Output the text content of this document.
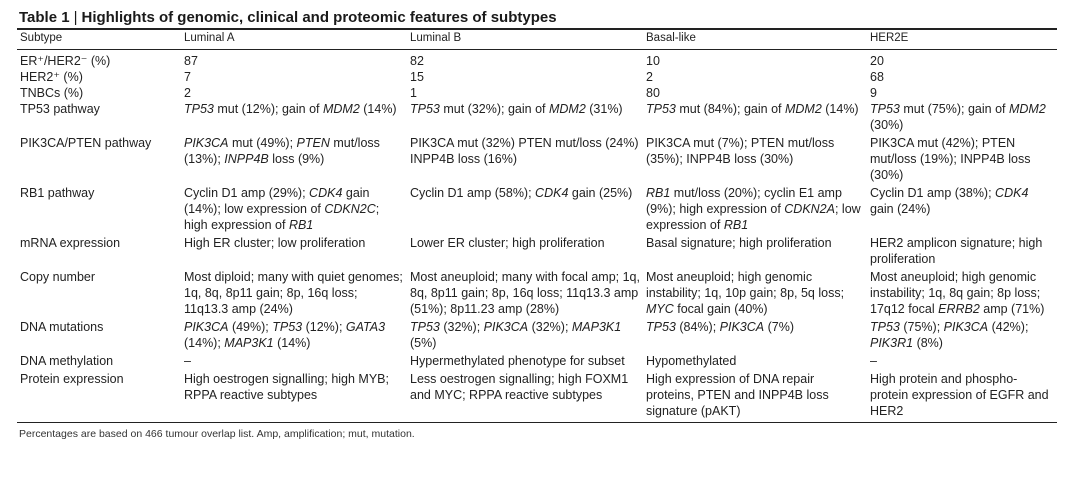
Table 1 | Highlights of genomic, clinical and proteomic features of subtypes
Subtype	Luminal A	Luminal B	Basal-like	HER2E
ER⁺/HER2⁻ (%)	87	82	10	20
HER2⁺ (%)	7	15	2	68
TNBCs (%)	2	1	80	9
TP53 pathway	TP53 mut (12%); gain of MDM2 (14%)	TP53 mut (32%); gain of MDM2 (31%)	TP53 mut (84%); gain of MDM2 (14%)	TP53 mut (75%); gain of MDM2 (30%)
PIK3CA/PTEN pathway	PIK3CA mut (49%); PTEN mut/loss (13%); INPP4B loss (9%)	PIK3CA mut (32%) PTEN mut/loss (24%) INPP4B loss (16%)	PIK3CA mut (7%); PTEN mut/loss (35%); INPP4B loss (30%)	PIK3CA mut (42%); PTEN mut/loss (19%); INPP4B loss (30%)
RB1 pathway	Cyclin D1 amp (29%); CDK4 gain (14%); low expression of CDKN2C; high expression of RB1	Cyclin D1 amp (58%); CDK4 gain (25%)	RB1 mut/loss (20%); cyclin E1 amp (9%); high expression of CDKN2A; low expression of RB1	Cyclin D1 amp (38%); CDK4 gain (24%)
mRNA expression	High ER cluster; low proliferation	Lower ER cluster; high proliferation	Basal signature; high proliferation	HER2 amplicon signature; high proliferation
Copy number	Most diploid; many with quiet genomes; 1q, 8q, 8p11 gain; 8p, 16q loss; 11q13.3 amp (24%)	Most aneuploid; many with focal amp; 1q, 8q, 8p11 gain; 8p, 16q loss; 11q13.3 amp (51%); 8p11.23 amp (28%)	Most aneuploid; high genomic instability; 1q, 10p gain; 8p, 5q loss; MYC focal gain (40%)	Most aneuploid; high genomic instability; 1q, 8q gain; 8p loss; 17q12 focal ERRB2 amp (71%)
DNA mutations	PIK3CA (49%); TP53 (12%); GATA3 (14%); MAP3K1 (14%)	TP53 (32%); PIK3CA (32%); MAP3K1 (5%)	TP53 (84%); PIK3CA (7%)	TP53 (75%); PIK3CA (42%); PIK3R1 (8%)
DNA methylation	–	Hypermethylated phenotype for subset	Hypomethylated	–
Protein expression	High oestrogen signalling; high MYB; RPPA reactive subtypes	Less oestrogen signalling; high FOXM1 and MYC; RPPA reactive subtypes	High expression of DNA repair proteins, PTEN and INPP4B loss signature (pAKT)	High protein and phospho-protein expression of EGFR and HER2
Percentages are based on 466 tumour overlap list. Amp, amplification; mut, mutation.
